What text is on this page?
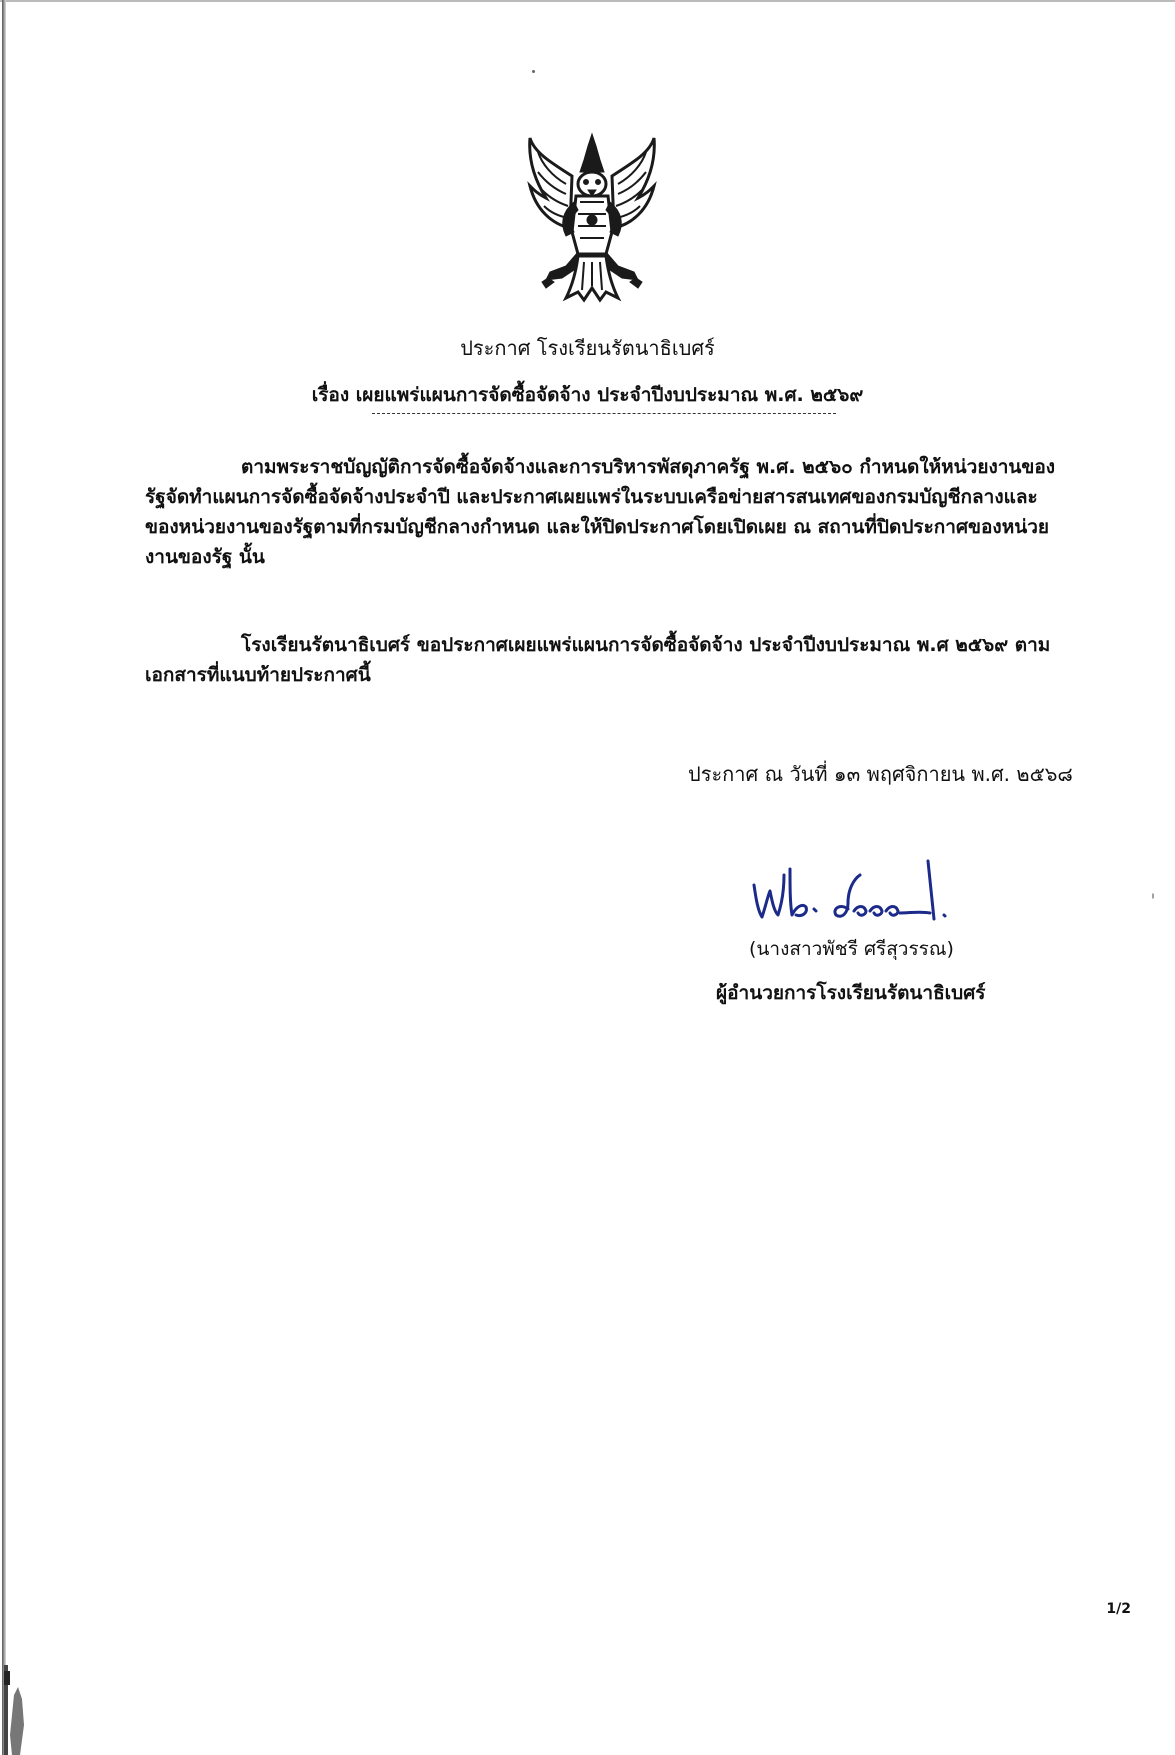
ประกาศ โรงเรียนรัตนาธิเบศร์
เรื่อง เผยแพร่แผนการจัดซื้อจัดจ้าง ประจำปีงบประมาณ พ.ศ. ๒๕๖๙
ตามพระราชบัญญัติการจัดซื้อจัดจ้างและการบริหารพัสดุภาครัฐ พ.ศ. ๒๕๖๐ กำหนดให้หน่วยงานของรัฐจัดทำแผนการจัดซื้อจัดจ้างประจำปี และประกาศเผยแพร่ในระบบเครือข่ายสารสนเทศของกรมบัญชีกลางและของหน่วยงานของรัฐตามที่กรมบัญชีกลางกำหนด และให้ปิดประกาศโดยเปิดเผย ณ สถานที่ปิดประกาศของหน่วยงานของรัฐ นั้น
โรงเรียนรัตนาธิเบศร์ ขอประกาศเผยแพร่แผนการจัดซื้อจัดจ้าง ประจำปีงบประมาณ พ.ศ ๒๕๖๙ ตามเอกสารที่แนบท้ายประกาศนี้
ประกาศ ณ วันที่ ๑๓ พฤศจิกายน พ.ศ. ๒๕๖๘
(นางสาวพัชรี ศรีสุวรรณ)
ผู้อำนวยการโรงเรียนรัตนาธิเบศร์
1/2
